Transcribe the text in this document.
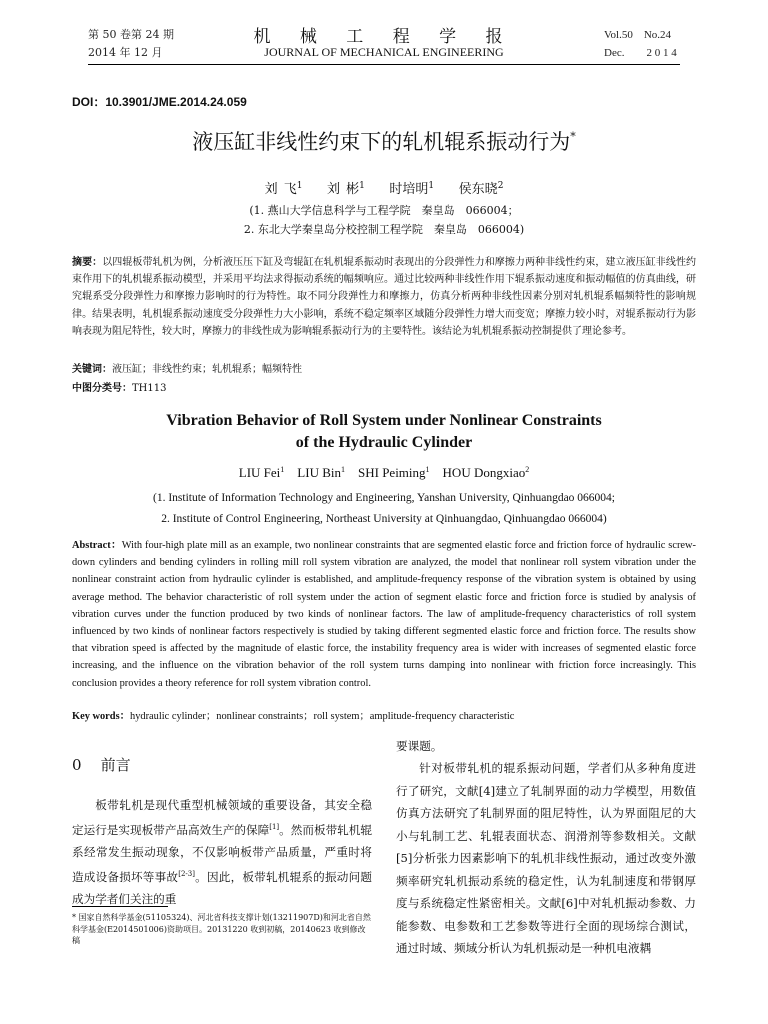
第 50 卷第 24 期
2014 年 12 月
机 械 工 程 学 报
JOURNAL OF MECHANICAL ENGINEERING
Vol.50　No.24
Dec.　　2 0 1 4
DOI：10.3901/JME.2014.24.059
液压缸非线性约束下的轧机辊系振动行为*
刘 飞$^1$ 刘 彬$^1$ 时培明$^1$ 侯东晓$^2$
(1. 燕山大学信息科学与工程学院　秦皇岛　066004；
2. 东北大学秦皇岛分校控制工程学院　秦皇岛　066004)
摘要：以四辊板带轧机为例，分析液压压下缸及弯辊缸在轧机辊系振动时表现出的分段弹性力和摩擦力两种非线性约束，建立液压缸非线性约束作用下的轧机辊系振动模型，并采用平均法求得振动系统的幅频响应。通过比较两种非线性作用下辊系振动速度和振动幅值的仿真曲线，研究辊系受分段弹性力和摩擦力影响时的行为特性。取不同分段弹性力和摩擦力，仿真分析两种非线性因素分别对轧机辊系幅频特性的影响规律。结果表明，轧机辊系振动速度受分段弹性力大小影响，系统不稳定频率区域随分段弹性力增大而变宽；摩擦力较小时，对辊系振动行为影响表现为阻尼特性，较大时，摩擦力的非线性成为影响辊系振动行为的主要特性。该结论为轧机辊系振动控制提供了理论参考。
关键词：液压缸；非线性约束；轧机辊系；幅频特性
中图分类号：TH113
Vibration Behavior of Roll System under Nonlinear Constraints
of the Hydraulic Cylinder
LIU Fei$^1$ LIU Bin$^1$ SHI Peiming$^1$ HOU Dongxiao$^2$
(1. Institute of Information Technology and Engineering, Yanshan University, Qinhuangdao 066004;
2. Institute of Control Engineering, Northeast University at Qinhuangdao, Qinhuangdao 066004)
Abstract：With four-high plate mill as an example, two nonlinear constraints that are segmented elastic force and friction force of hydraulic screw-down cylinders and bending cylinders in rolling mill roll system vibration are analyzed, the model that nonlinear roll system vibration under the nonlinear constraint action from hydraulic cylinder is established, and amplitude-frequency response of the vibration system is obtained by using average method. The behavior characteristic of roll system under the action of segment elastic force and friction force is studied by analysis of vibration curves under the function produced by two kinds of nonlinear factors. The law of amplitude-frequency characteristics of roll system influenced by two kinds of nonlinear factors respectively is studied by taking different segmented elastic force and friction force. The results show that vibration speed is affected by the magnitude of elastic force, the instability frequency area is wider with increases of segmented elastic force increasing, and the influence on the vibration behavior of the roll system turns damping into nonlinear with friction force increasingly. This conclusion provides a theory reference for roll system vibration control.
Key words：hydraulic cylinder；nonlinear constraints；roll system；amplitude-frequency characteristic
0 前言
板带轧机是现代重型机械领域的重要设备，其安全稳定运行是实现板带产品高效生产的保障[1]。然而板带轧机辊系经常发生振动现象，不仅影响板带产品质量，严重时将造成设备损坏等事故[2-3]。因此，板带轧机辊系的振动问题成为学者们关注的重
* 国家自然科学基金(51105324)、河北省科技支撑计划(13211907D)和河北省自然科学基金(E2014501006)资助项目。20131220 收到初稿，20140623 收到修改稿
要课题。
针对板带轧机的辊系振动问题，学者们从多种角度进行了研究，文献[4]建立了轧制界面的动力学模型，用数值仿真方法研究了轧制界面的阻尼特性，认为界面阻尼的大小与轧制工艺、轧辊表面状态、润滑剂等参数相关。文献[5]分析张力因素影响下的轧机非线性振动，通过改变外激频率研究轧机振动系统的稳定性，认为轧制速度和带钢厚度与系统稳定性紧密相关。文献[6]中对轧机振动参数、力能参数、电参数和工艺参数等进行全面的现场综合测试，通过时域、频域分析认为轧机振动是一种机电液耦
